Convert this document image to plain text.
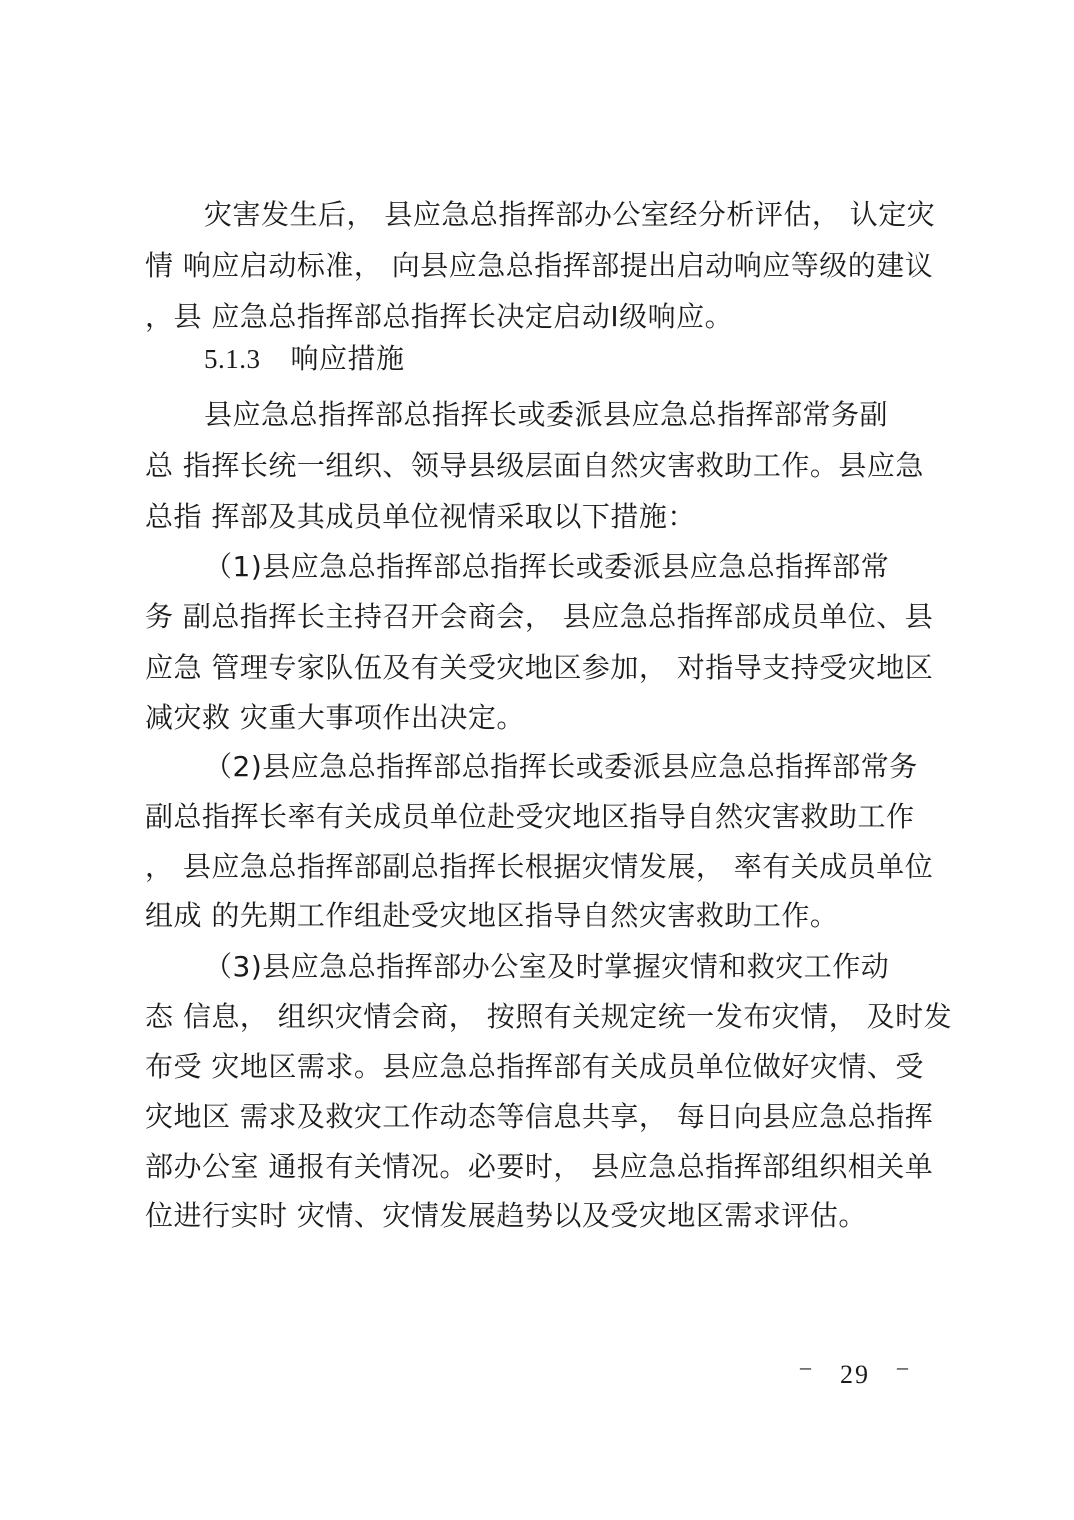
灾害发生后， 县应急总指挥部办公室经分析评估， 认定灾
情 响应启动标准， 向县应急总指挥部提出启动响应等级的建议
，县 应急总指挥部总指挥长决定启动Ⅰ级响应。
5.1.3 响应措施
县应急总指挥部总指挥长或委派县应急总指挥部常务副
总 指挥长统一组织、领导县级层面自然灾害救助工作。县应急
总指 挥部及其成员单位视情采取以下措施：
（1)县应急总指挥部总指挥长或委派县应急总指挥部常
务 副总指挥长主持召开会商会， 县应急总指挥部成员单位、县
应急 管理专家队伍及有关受灾地区参加， 对指导支持受灾地区
减灾救 灾重大事项作出决定。
（2)县应急总指挥部总指挥长或委派县应急总指挥部常务
副总指挥长率有关成员单位赴受灾地区指导自然灾害救助工作
， 县应急总指挥部副总指挥长根据灾情发展， 率有关成员单位
组成 的先期工作组赴受灾地区指导自然灾害救助工作。
（3)县应急总指挥部办公室及时掌握灾情和救灾工作动
态 信息， 组织灾情会商， 按照有关规定统一发布灾情， 及时发
布受 灾地区需求。县应急总指挥部有关成员单位做好灾情、受
灾地区 需求及救灾工作动态等信息共享， 每日向县应急总指挥
部办公室 通报有关情况。必要时， 县应急总指挥部组织相关单
位进行实时 灾情、灾情发展趋势以及受灾地区需求评估。
– 29 –
